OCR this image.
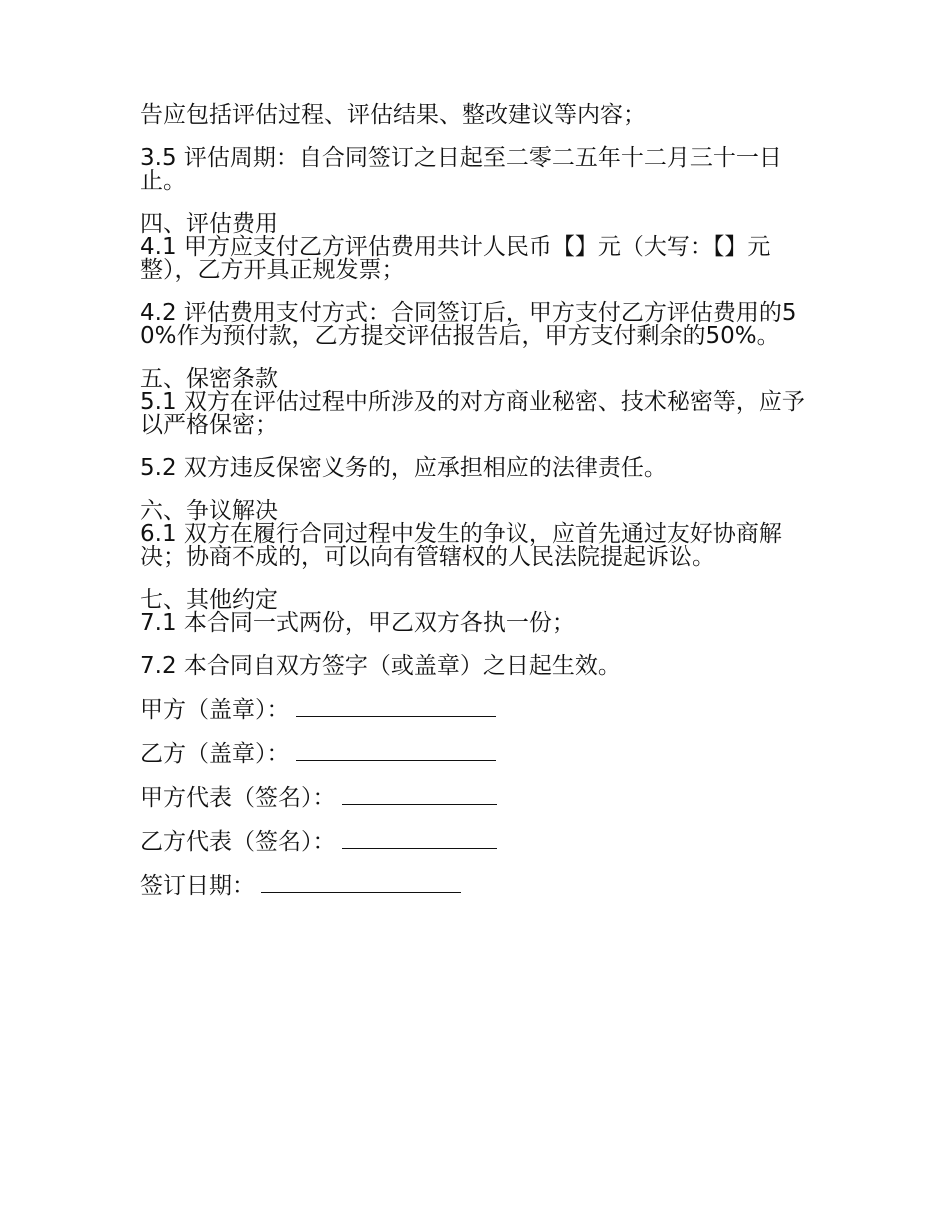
告应包括评估过程、评估结果、整改建议等内容；

3.5 评估周期：自合同签订之日起至二零二五年十二月三十一日止。

四、评估费用

4.1 甲方应支付乙方评估费用共计人民币【】元（大写：【】元整），乙方开具正规发票；

4.2 评估费用支付方式：合同签订后，甲方支付乙方评估费用的50%作为预付款，乙方提交评估报告后，甲方支付剩余的50%。

五、保密条款

5.1 双方在评估过程中所涉及的对方商业秘密、技术秘密等，应予以严格保密；

5.2 双方违反保密义务的，应承担相应的法律责任。

六、争议解决

6.1 双方在履行合同过程中发生的争议，应首先通过友好协商解决；协商不成的，可以向有管辖权的人民法院提起诉讼。

七、其他约定

7.1 本合同一式两份，甲乙双方各执一份；

7.2 本合同自双方签字（或盖章）之日起生效。

甲方（盖章）：
乙方（盖章）：
甲方代表（签名）：
乙方代表（签名）：
签订日期：
